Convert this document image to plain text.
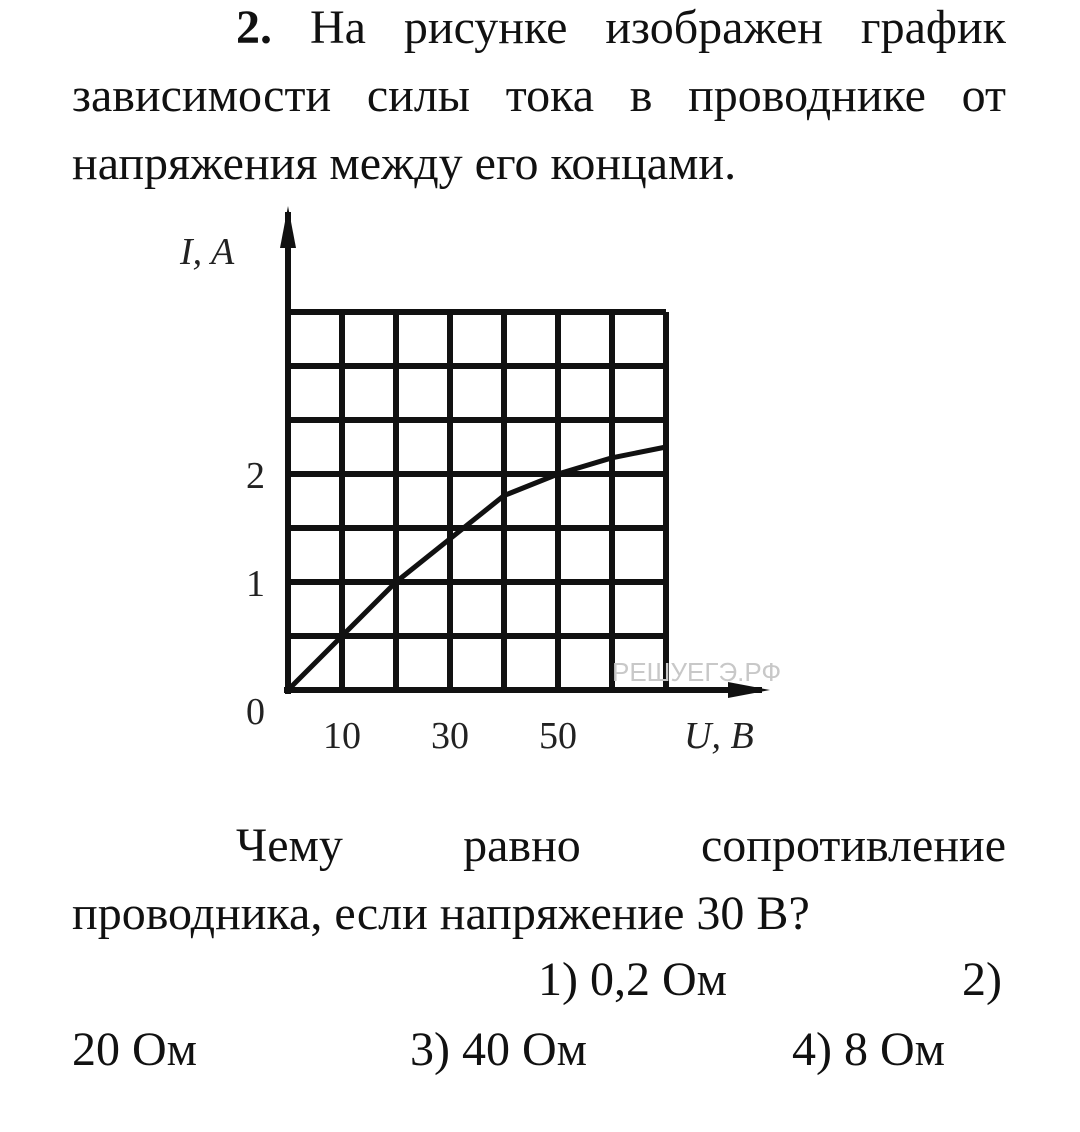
2. На рисунке изображен график зависимости силы тока в проводнике от напряжения между его концами.
РЕШУЕГЭ.РФ
I, A
U, В
0
1
2
10 30 50
Чему равно сопротивление проводника, если напряжение 30 В?
1) 0,2 Ом	2)
20 Ом	3) 40 Ом	4) 8 Ом
